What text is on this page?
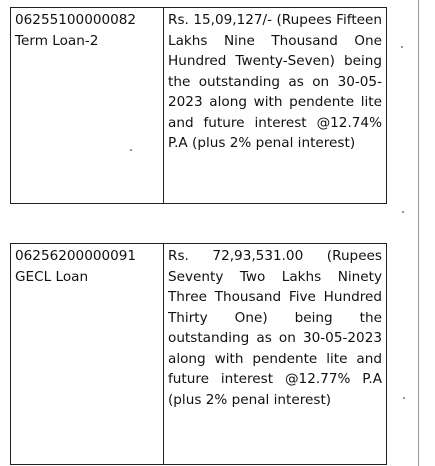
06255100000082
Term Loan-2
	Rs. 15,09,127/- (Rupees Fifteen Lakhs Nine Thousand One Hundred Twenty-Seven) being the outstanding as on 30-05-2023 along with pendente lite and future interest @12.74% P.A (plus 2% penal interest)
06256200000091
GECL Loan
	Rs. 72,93,531.00 (Rupees Seventy Two Lakhs Ninety Three Thousand Five Hundred Thirty One) being the outstanding as on 30-05-2023 along with pendente lite and future interest @12.77% P.A (plus 2% penal interest)
